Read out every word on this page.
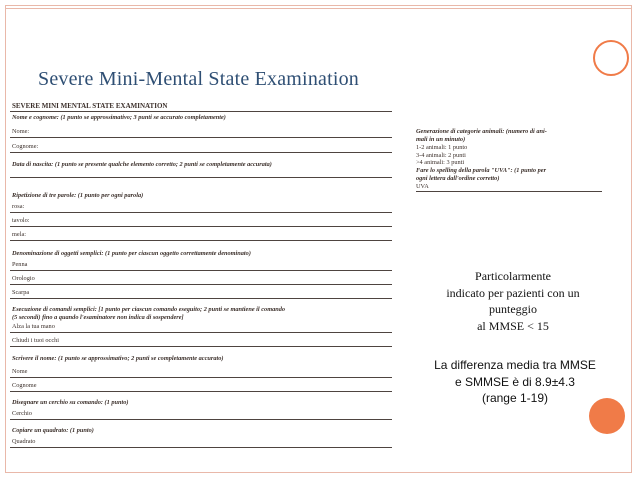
Severe Mini-Mental State Examination
SEVERE MINI MENTAL STATE EXAMINATION
Nome e cognome: (1 punto se approssimativo; 3 punti se accurato completamente)
Nome:
Cognome:
Data di nascita: (1 punto se presente qualche elemento corretto; 2 punti se completamente accurata)
Ripetizione di tre parole: (1 punto per ogni parola)
rosa:
tavolo:
mela:
Denominazione di oggetti semplici: (1 punto per ciascun oggetto correttamente denominato)
Penna
Orologio
Scarpa
Esecuzione di comandi semplici: [1 punto per ciascun comando eseguito; 2 punti se mantiene il comando
(5 secondi) fino a quando l'esaminatore non indica di sospendere]
Alza la tua mano
Chiudi i tuoi occhi
Scrivere il nome: (1 punto se approssimativo; 2 punti se completamente accurato)
Nome
Cognome
Disegnare un cerchio su comando: (1 punto)
Cerchio
Copiare un quadrato: (1 punto)
Quadrato
Generazione di categorie animali: (numero di ani-
mali in un minuto)
1-2 animali: 1 punto
3-4 animali: 2 punti
>4 animali: 3 punti
Fare lo spelling della parola "UVA": (1 punto per
ogni lettera dall'ordine corretto)
UVA
Particolarmente
indicato per pazienti con un
punteggio
al MMSE < 15
La differenza media tra MMSE
e SMMSE è di 8.9±4.3
(range 1-19)
